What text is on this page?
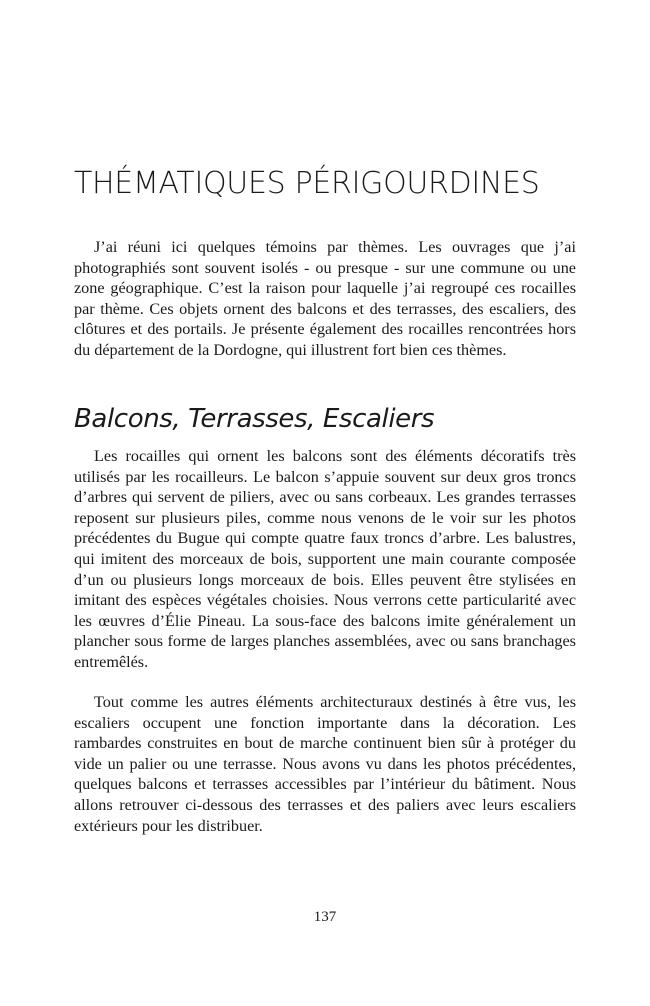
THÉMATIQUES PÉRIGOURDINES

J’ai réuni ici quelques témoins par thèmes. Les ouvrages que j’ai photographiés sont souvent isolés - ou presque - sur une commune ou une zone géographique. C’est la raison pour laquelle j’ai regroupé ces rocailles par thème. Ces objets ornent des balcons et des terrasses, des escaliers, des clôtures et des portails. Je présente également des rocailles rencontrées hors du département de la Dordogne, qui illustrent fort bien ces thèmes.

Balcons, Terrasses, Escaliers

Les rocailles qui ornent les balcons sont des éléments décoratifs très utilisés par les rocailleurs. Le balcon s’appuie souvent sur deux gros troncs d’arbres qui servent de piliers, avec ou sans corbeaux. Les grandes terrasses reposent sur plusieurs piles, comme nous venons de le voir sur les photos précédentes du Bugue qui compte quatre faux troncs d’arbre. Les balustres, qui imitent des morceaux de bois, supportent une main courante composée d’un ou plusieurs longs morceaux de bois. Elles peuvent être stylisées en imitant des espèces végétales choisies. Nous verrons cette particularité avec les œuvres d’Élie Pineau. La sous-face des balcons imite généralement un plancher sous forme de larges planches assemblées, avec ou sans branchages entremêlés.

Tout comme les autres éléments architecturaux destinés à être vus, les escaliers occupent une fonction importante dans la décoration. Les rambardes construites en bout de marche continuent bien sûr à protéger du vide un palier ou une terrasse. Nous avons vu dans les photos précédentes, quelques balcons et terrasses accessibles par l’intérieur du bâtiment. Nous allons retrouver ci-dessous des terrasses et des paliers avec leurs escaliers extérieurs pour les distribuer.

137
